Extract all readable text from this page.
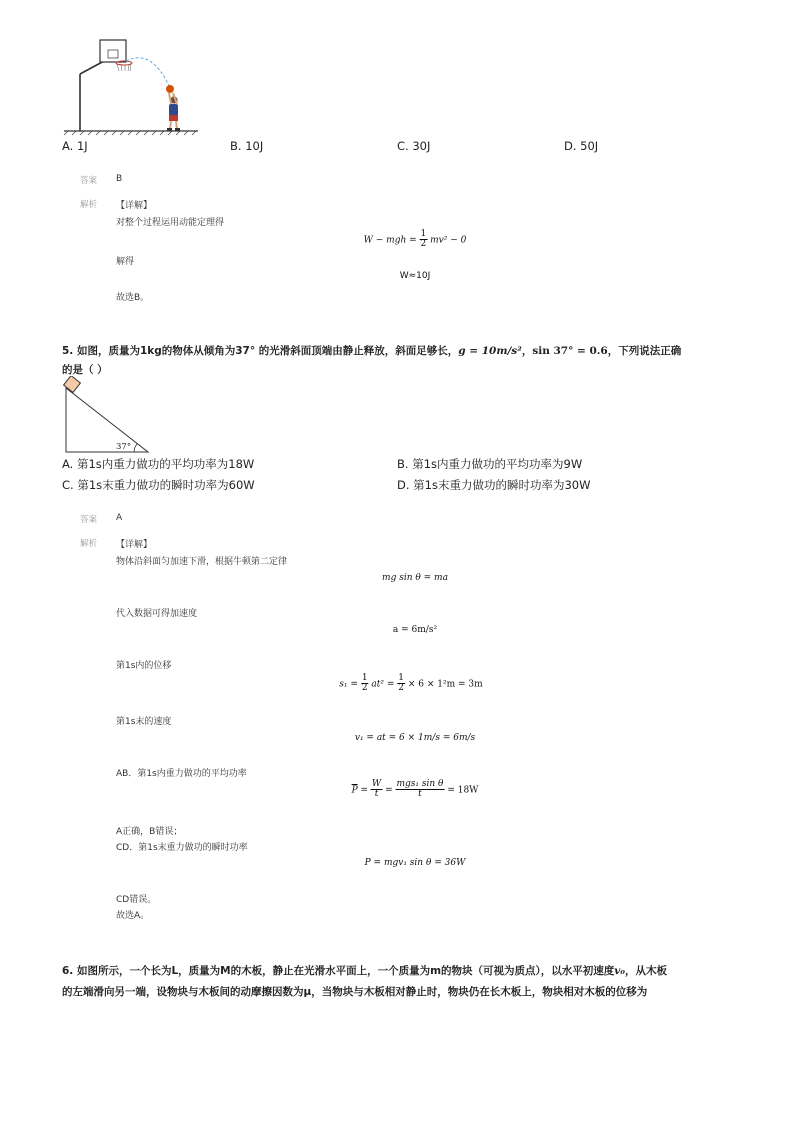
A. 1J	B. 10J	C. 30J	D. 50J
答案 B
解析 【详解】
对整个过程运用动能定理得
W − mgh = $\frac{1}{2} mv^2 - 0$
解得
W≈10J
故选B。
5. 如图，质量为1kg的物体从倾角为37° 的光滑斜面顶端由静止释放，斜面足够长，g = 10m/s²，sin 37° = 0.6，下列说法正确
的是（ ）
37°
A. 第1s内重力做功的平均功率为18W	B. 第1s内重力做功的平均功率为9W
C. 第1s末重力做功的瞬时功率为60W	D. 第1s末重力做功的瞬时功率为30W
答案 A
解析 【详解】
物体沿斜面匀加速下滑，根据牛顿第二定律
mg sin θ = ma
代入数据可得加速度
a = 6m/s²
第1s内的位移
$s_1 = \frac{1}{2} at^2 = \frac{1}{2} \times 6 \times 1^2m = 3m$
第1s末的速度
v₁ = at = 6 × 1m/s = 6m/s
AB．第1s内重力做功的平均功率
$\overline{P} = \frac{W}{t} = \frac{\text{mgs₁ sin θ}}{t} = 18W$
A正确，B错误；
CD．第1s末重力做功的瞬时功率
P = mgv₁ sin θ = 36W
CD错误。
故选A。
6. 如图所示，一个长为L，质量为M的木板，静止在光滑水平面上，一个质量为m的物块（可视为质点），以水平初速度v₀，从木板
的左端滑向另一端，设物块与木板间的动摩擦因数为μ，当物块与木板相对静止时，物块仍在长木板上，物块相对木板的位移为
